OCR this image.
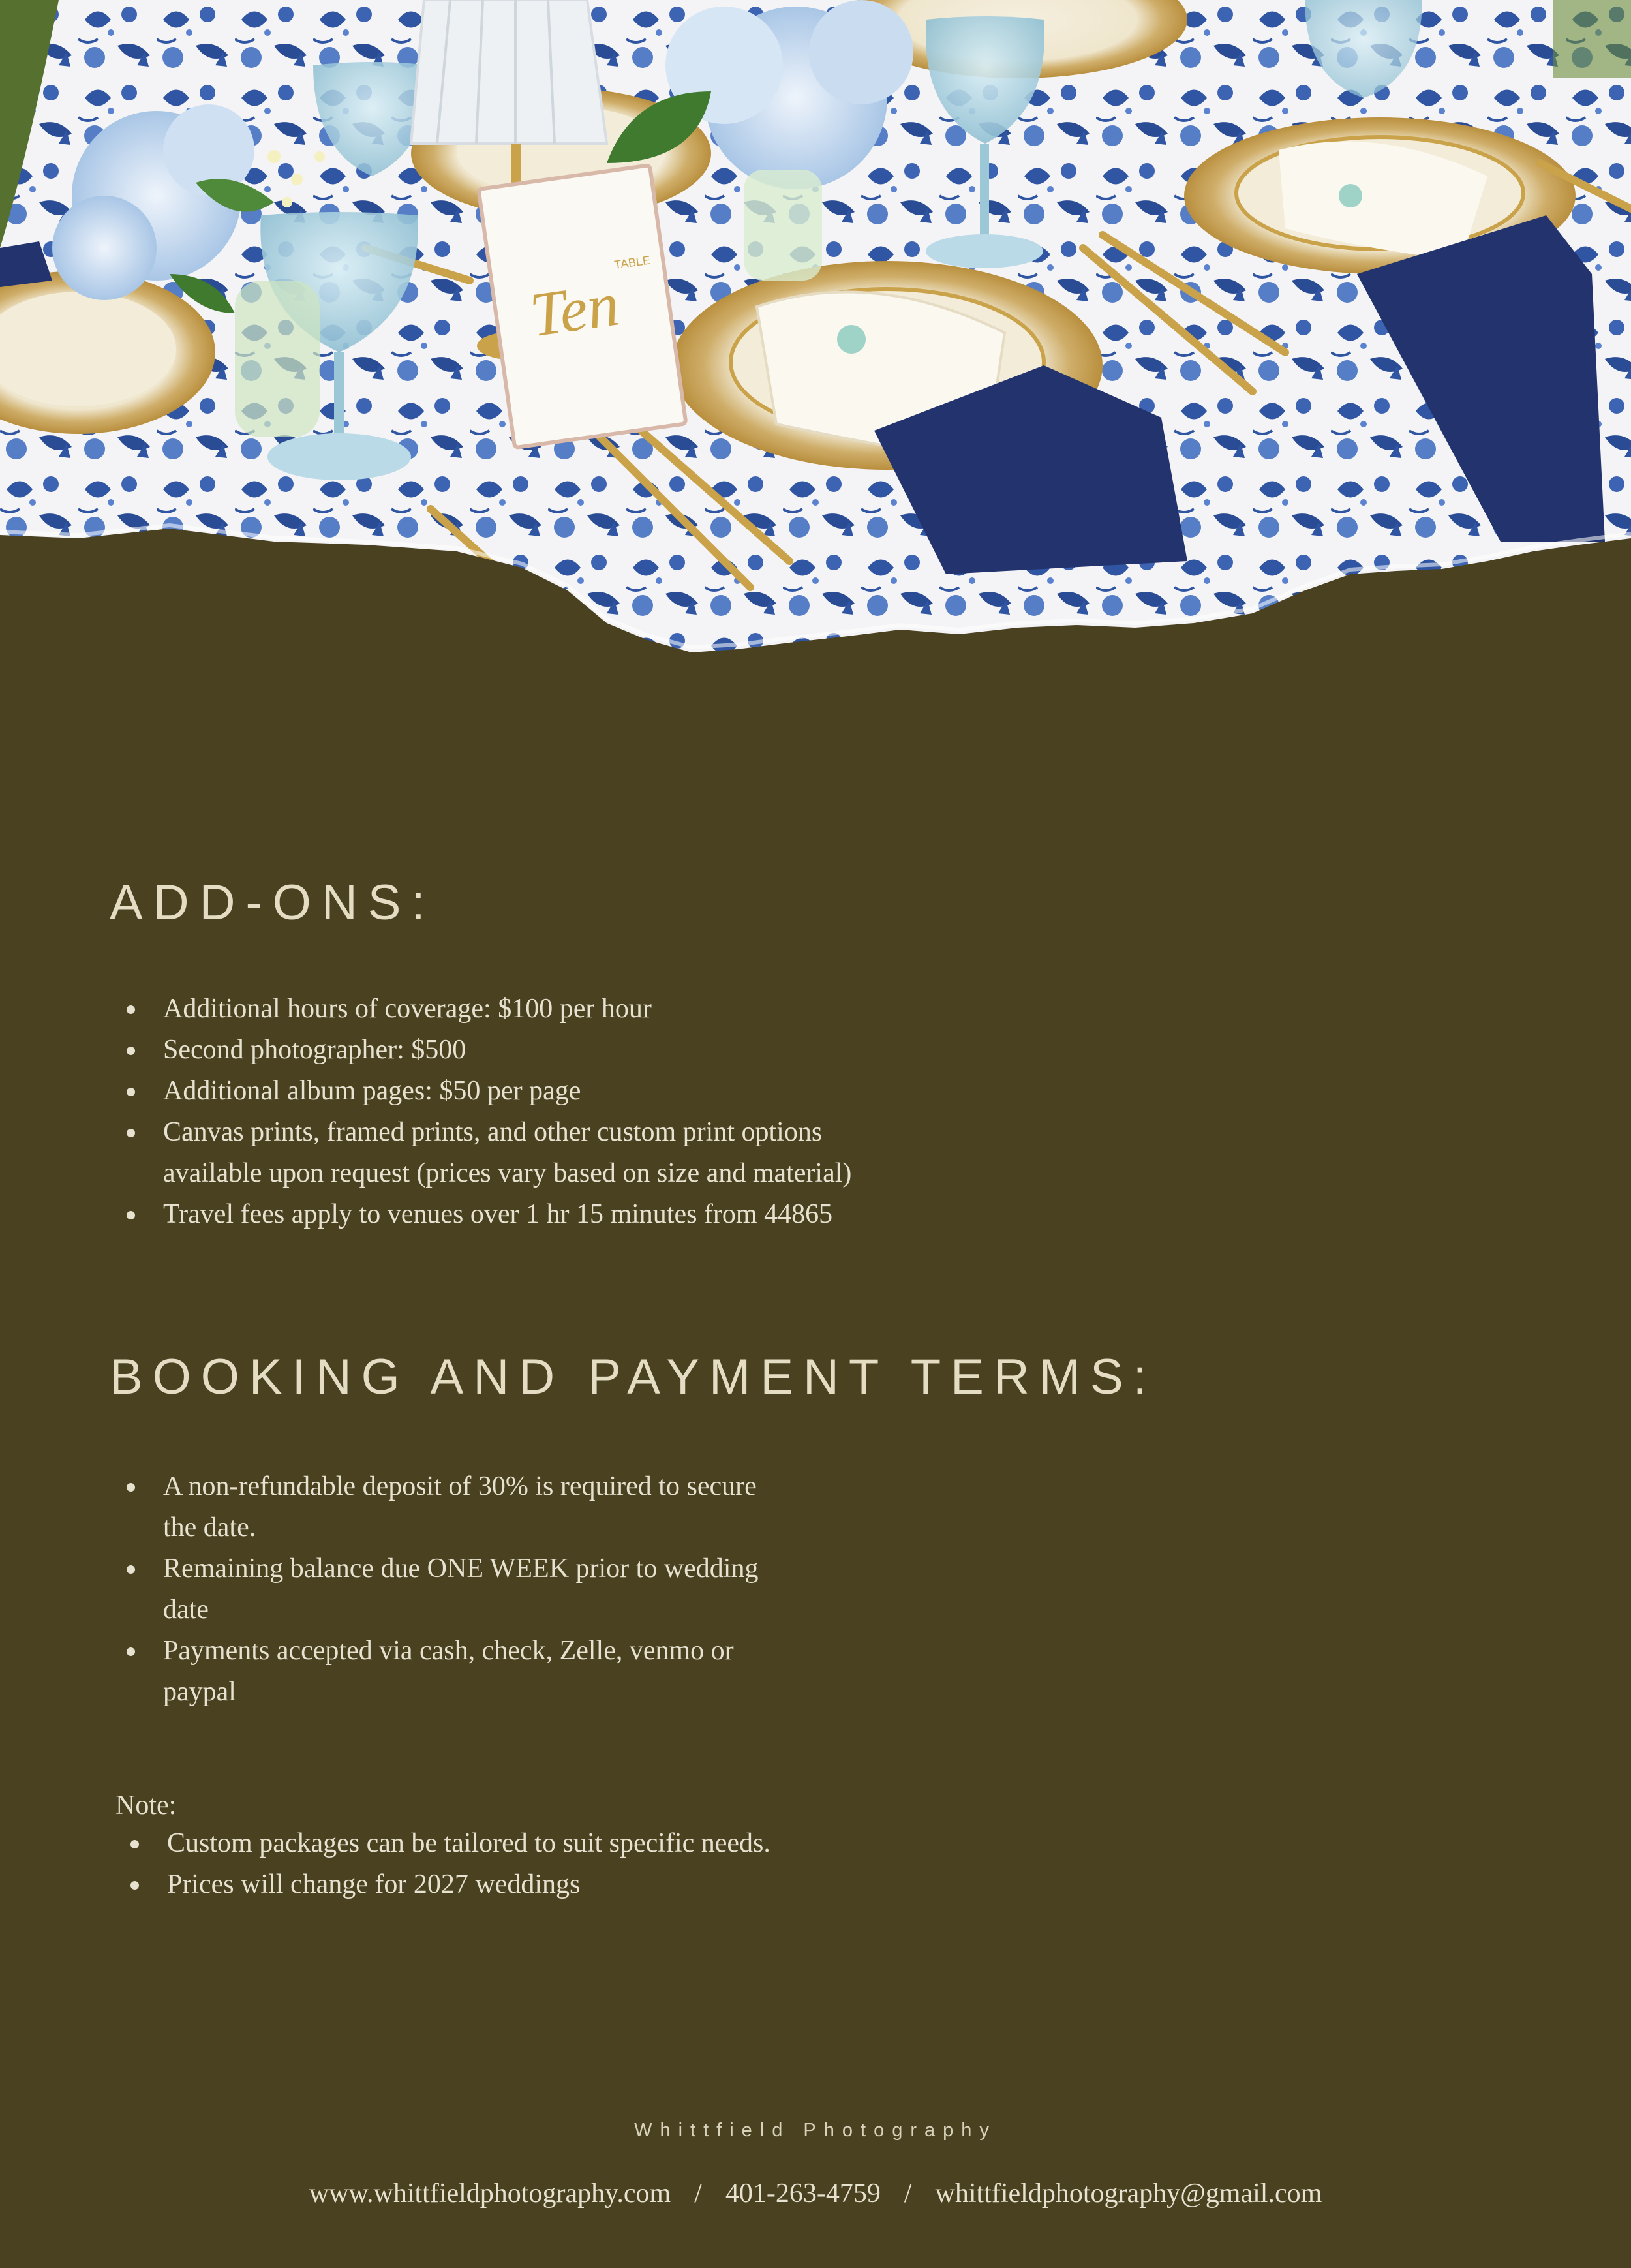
Ten
TABLE
ADD-ONS:
Additional hours of coverage: $100 per hour
Second photographer: $500
Additional album pages: $50 per page
Canvas prints, framed prints, and other custom print options available upon request (prices vary based on size and material)
Travel fees apply to venues over 1 hr 15 minutes from 44865
BOOKING AND PAYMENT TERMS:
A non-refundable deposit of 30% is required to secure the date.
Remaining balance due ONE WEEK prior to wedding date
Payments accepted via cash, check, Zelle, venmo or paypal
Note:
Custom packages can be tailored to suit specific needs.
Prices will change for 2027 weddings
Whittfield Photography
www.whittfieldphotography.com / 401-263-4759 / whittfieldphotography@gmail.com
